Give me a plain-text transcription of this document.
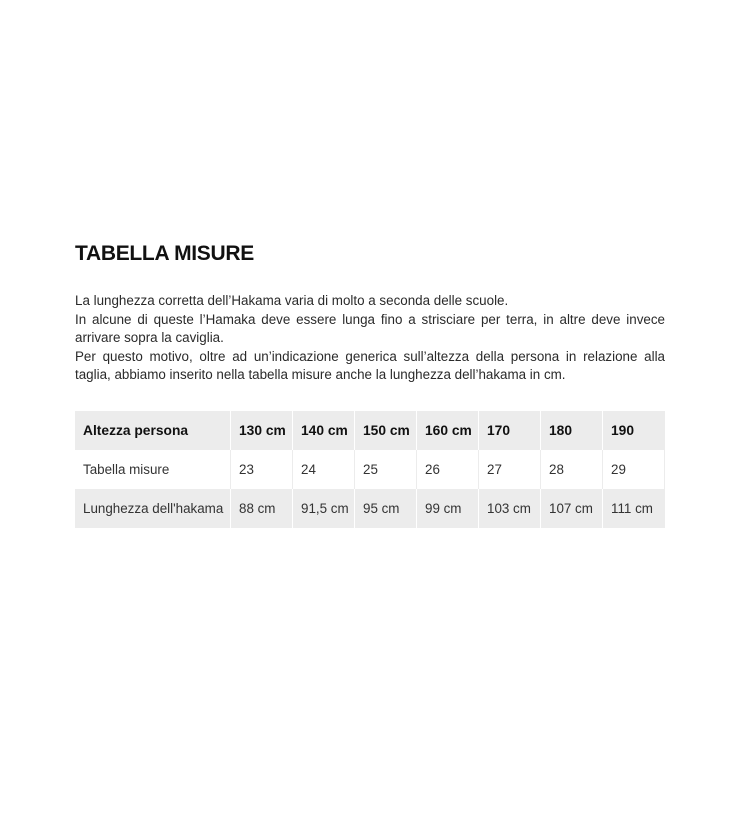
TABELLA MISURE

La lunghezza corretta dell’Hakama varia di molto a seconda delle scuole.

In alcune di queste l’Hamaka deve essere lunga fino a strisciare per terra, in altre deve invece arrivare sopra la caviglia.

Per questo motivo, oltre ad un’indicazione generica sull’altezza della persona in relazione alla taglia, abbiamo inserito nella tabella misure anche la lunghezza dell’hakama in cm.

Altezza persona	130 cm	140 cm	150 cm	160 cm	170	180	190
Tabella misure	23	24	25	26	27	28	29
Lunghezza dell'hakama	88 cm	91,5 cm	95 cm	99 cm	103 cm	107 cm	111 cm
